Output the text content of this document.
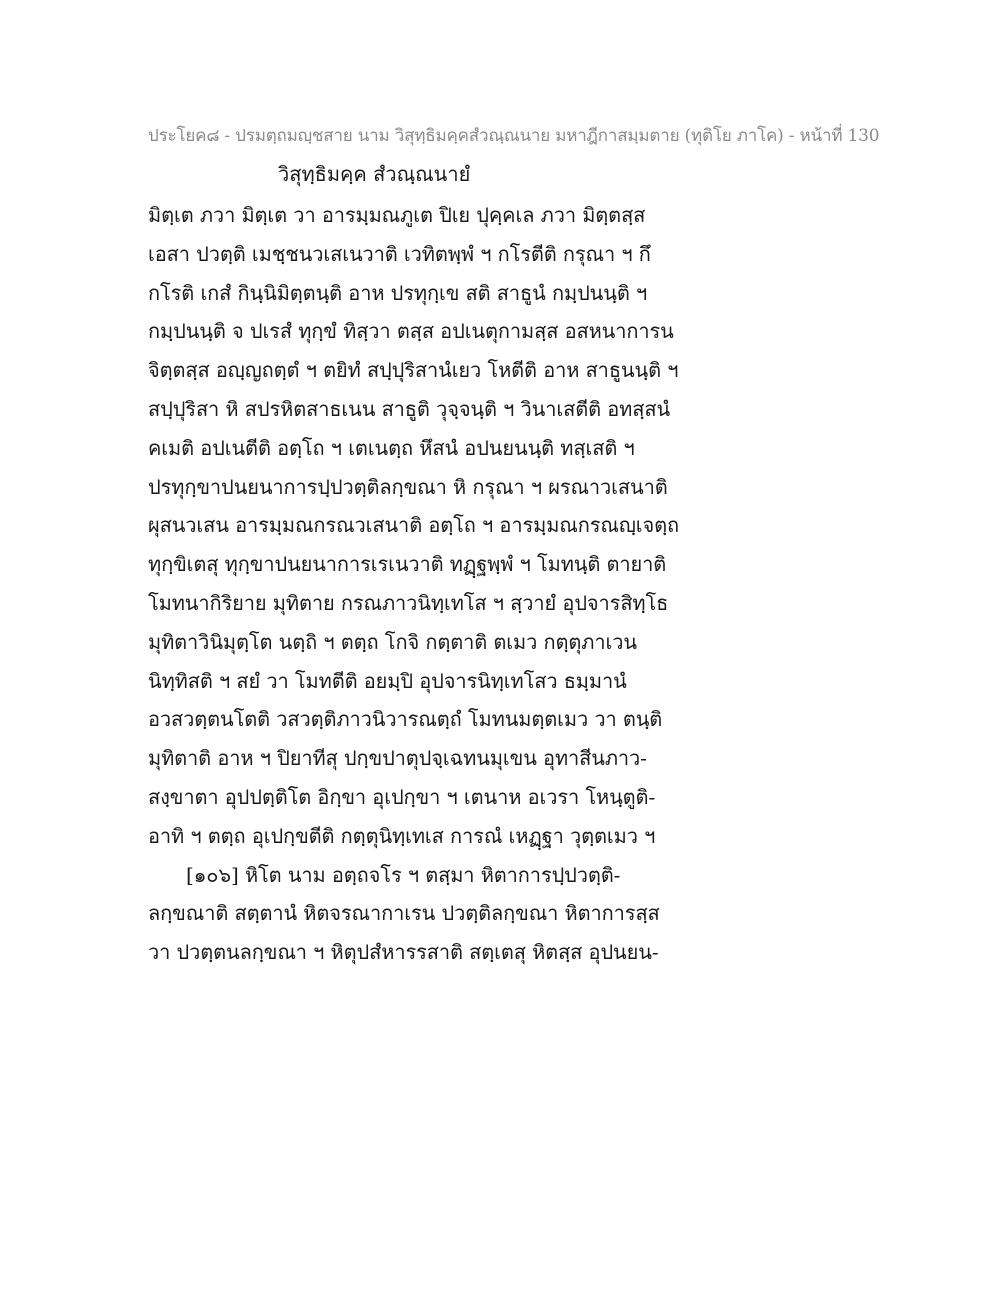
ประโยค๘ - ปรมตฺถมญฺชสาย นาม วิสุทฺธิมคฺคสํวณฺณนาย มหาฎีกาสมฺมตาย (ทุติโย ภาโค) - หน้าที่ 130
วิสุทฺธิมคฺค สํวณฺณนายํ
มิตฺเต ภวา มิตฺเต วา อารมฺมณภูเต ปิเย ปุคฺคเล ภวา มิตฺตสฺส
เอสา ปวตฺติ เมชฺชนวเสเนวาติ เวทิตพฺพํ ฯ กโรตีติ กรุณา ฯ กึ
กโรติ เกสํ กินฺนิมิตฺตนฺติ อาห ปรทุกฺเข สติ สาธูนํ กมฺปนนฺติ ฯ
กมฺปนนฺติ จ ปเรสํ ทุกฺขํ ทิสฺวา ตสฺส อปเนตุกามสฺส อสหนาการน
จิตฺตสฺส อญฺญถตฺตํ ฯ ตยิทํ สปฺปุริสานํเยว โหตีติ อาห สาธูนนฺติ ฯ
สปฺปุริสา หิ สปรหิตสาธเนน สาธูติ วุจฺจนฺติ ฯ วินาเสตีติ อทสฺสนํ
คเมติ อปเนตีติ อตฺโถ ฯ เตเนตฺถ หึสนํ อปนยนนฺติ ทสฺเสติ ฯ
ปรทุกฺขาปนยนาการปฺปวตฺติลกฺขณา หิ กรุณา ฯ ผรณาวเสนาติ
ผุสนวเสน อารมฺมณกรณวเสนาติ อตฺโถ ฯ อารมฺมณกรณญฺเจตฺถ
ทุกฺขิเตสุ ทุกฺขาปนยนาการเรเนวาติ ทฏฺฐพฺพํ ฯ โมทนฺติ ตายาติ
โมทนากิริยาย มุทิตาย กรณภาวนิทฺเทโส ฯ สฺวายํ อุปจารสิทฺโธ
มุทิตาวินิมุตฺโต นตฺถิ ฯ ตตฺถ โกจิ กตฺตาติ ตเมว กตฺตุภาเวน
นิทฺทิสติ ฯ สยํ วา โมทตีติ อยมฺปิ อุปจารนิทฺเทโสว ธมฺมานํ
อวสวตฺตนโตติ วสวตฺติภาวนิวารณตฺถํ โมทนมตฺตเมว วา ตนฺติ
มุทิตาติ อาห ฯ ปิยาทีสุ ปกฺขปาตุปจฺเฉทนมุเขน อุทาสีนภาว-
สงฺขาตา อุปปตฺติโต อิกฺขา อุเปกฺขา ฯ เตนาห อเวรา โหนฺตูติ-
อาทิ ฯ ตตฺถ อุเปกฺขตีติ กตฺตุนิทฺเทเส การณํ เหฏฺฐา วุตฺตเมว ฯ
[๑๐๖] หิโต นาม อตฺถจโร ฯ ตสฺมา หิตาการปฺปวตฺติ-
ลกฺขณาติ สตฺตานํ หิตจรณากาเรน ปวตฺติลกฺขณา หิตาการสฺส
วา ปวตฺตนลกฺขณา ฯ หิตุปสํหารรสาติ สตฺเตสุ หิตสฺส อุปนยน-
